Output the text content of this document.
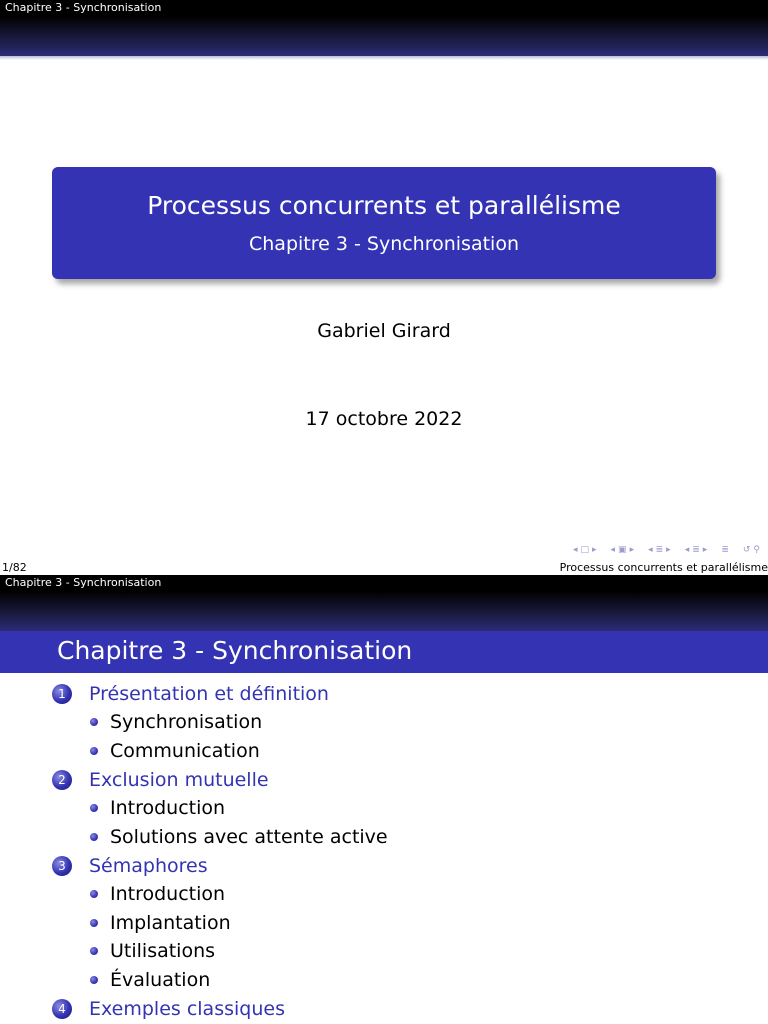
Chapitre 3 - Synchronisation
Processus concurrents et parallélisme
Chapitre 3 - Synchronisation
Gabriel Girard
17 octobre 2022
◂ □ ▸ ◂ ▣ ▸ ◂ ≣ ▸ ◂ ≣ ▸ ≣ ↺ ⚲
1/82	Processus concurrents et parallélisme
Chapitre 3 - Synchronisation
Chapitre 3 - Synchronisation
1	Présentation et définition
Synchronisation
Communication
2	Exclusion mutuelle
Introduction
Solutions avec attente active
3	Sémaphores
Introduction
Implantation
Utilisations
Évaluation
4	Exemples classiques
